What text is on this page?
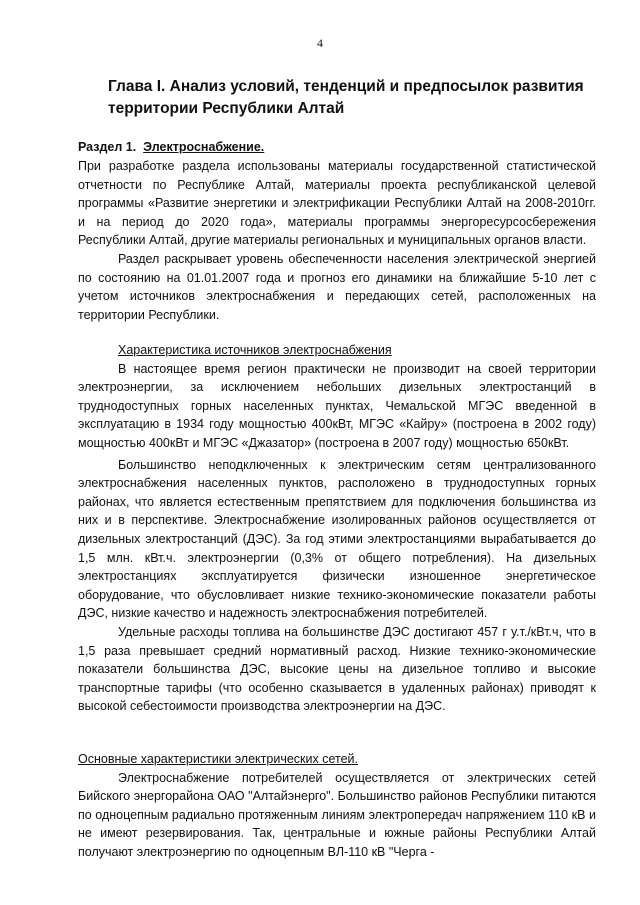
4
Глава I. Анализ условий, тенденций и предпосылок развития территории Республики Алтай
Раздел 1. Электроснабжение.

При разработке раздела использованы материалы государственной статистической отчетности по Республике Алтай, материалы проекта республиканской целевой программы «Развитие энергетики и электрификации Республики Алтай на 2008-2010гг. и на период до 2020 года», материалы программы энергоресурсосбережения Республики Алтай, другие материалы региональных и муниципальных органов власти.

Раздел раскрывает уровень обеспеченности населения электрической энергией по состоянию на 01.01.2007 года и прогноз его динамики на ближайшие 5-10 лет с учетом источников электроснабжения и передающих сетей, расположенных на территории Республики.

Характеристика источников электроснабжения

В настоящее время регион практически не производит на своей территории электроэнергии, за исключением небольших дизельных электростанций в труднодоступных горных населенных пунктах, Чемальской МГЭС введенной в эксплуатацию в 1934 году мощностью 400кВт, МГЭС «Кайру» (построена в 2002 году) мощностью 400кВт и МГЭС «Джазатор» (построена в 2007 году) мощностью 650кВт.

Большинство неподключенных к электрическим сетям централизованного электроснабжения населенных пунктов, расположено в труднодоступных горных районах, что является естественным препятствием для подключения большинства из них и в перспективе. Электроснабжение изолированных районов осуществляется от дизельных электростанций (ДЭС). За год этими электростанциями вырабатывается до 1,5 млн. кВт.ч. электроэнергии (0,3% от общего потребления). На дизельных электростанциях эксплуатируется физически изношенное энергетическое оборудование, что обусловливает низкие технико-экономические показатели работы ДЭС, низкие качество и надежность электроснабжения потребителей.

Удельные расходы топлива на большинстве ДЭС достигают 457 г у.т./кВт.ч, что в 1,5 раза превышает средний нормативный расход. Низкие технико-экономические показатели большинства ДЭС, высокие цены на дизельное топливо и высокие транспортные тарифы (что особенно сказывается в удаленных районах) приводят к высокой себестоимости производства электроэнергии на ДЭС.

Основные характеристики электрических сетей.

Электроснабжение потребителей осуществляется от электрических сетей Бийского энергорайона ОАО "Алтайэнерго". Большинство районов Республики питаются по одноцепным радиально протяженным линиям электропередач напряжением 110 кВ и не имеют резервирования. Так, центральные и южные районы Республики Алтай получают электроэнергию по одноцепным ВЛ-110 кВ "Черга -
